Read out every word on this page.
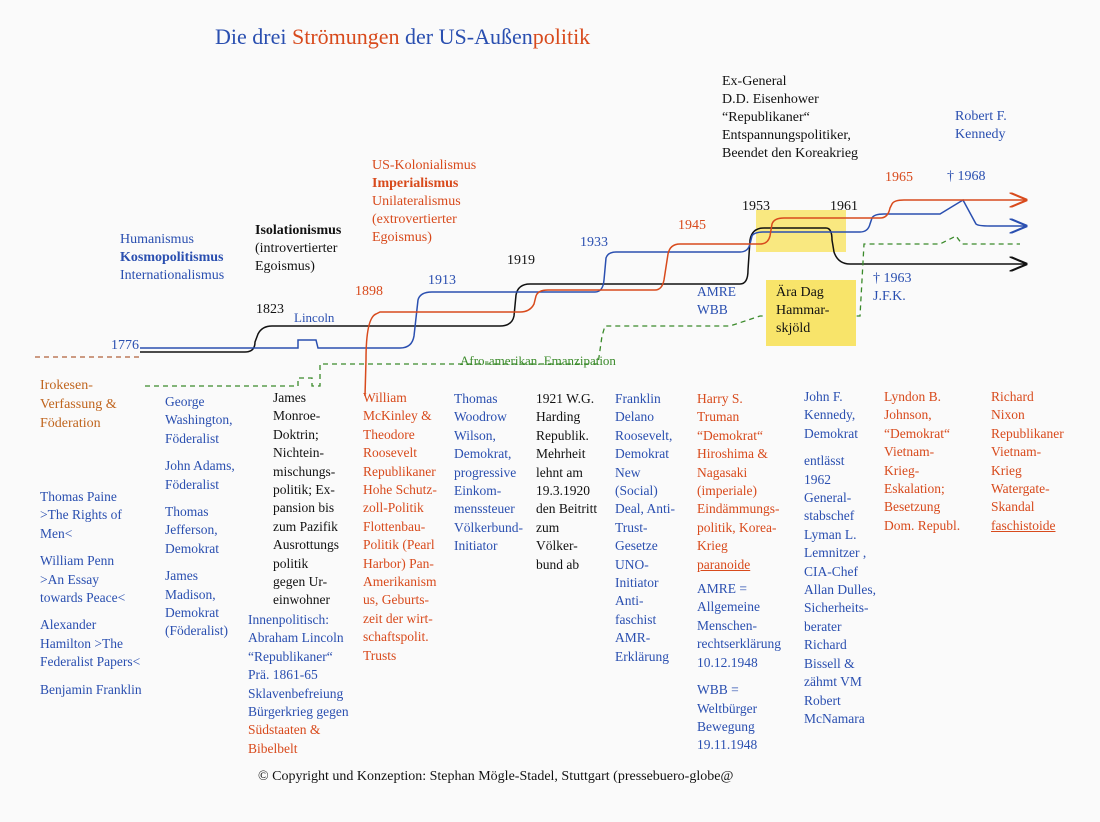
Die drei Strömungen der US-Außenpolitik
Humanismus
Kosmopolitismus
Internationalismus
Isolationismus
(introvertierter
Egoismus)
US-Kolonialismus
Imperialismus
Unilateralismus
(extrovertierter
Egoismus)
Ex-General
D.D. Eisenhower
“Republikaner“
Entspannungspolitiker,
Beendet den Koreakrieg
Robert F.
Kennedy
1776
1823
Lincoln
1898
1913
1919
1933
1945
1953	1961
1965 † 1968
† 1963
J.F.K.
AMRE
WBB
Ära Dag
Hammar-
skjöld
Afro-amerikan. Emanzipation
Irokesen-
Verfassung &
Föderation
Thomas Paine
>The Rights of
Men<
William Penn
>An Essay
towards Peace<
Alexander
Hamilton >The
Federalist Papers<
Benjamin Franklin
George
Washington,
Föderalist
John Adams,
Föderalist
Thomas
Jefferson,
Demokrat
James
Madison,
Demokrat
(Föderalist)
James
Monroe-
Doktrin;
Nichtein-
mischungs-
politik; Ex-
pansion bis
zum Pazifik
Ausrottungs
politik
gegen Ur-
einwohner
Innenpolitisch:
Abraham Lincoln
“Republikaner“
Prä. 1861-65
Sklavenbefreiung
Bürgerkrieg gegen
Südstaaten &
Bibelbelt
William
McKinley &
Theodore
Roosevelt
Republikaner
Hohe Schutz-
zoll-Politik
Flottenbau-
Politik (Pearl
Harbor) Pan-
Amerikanism
us, Geburts-
zeit der wirt-
schaftspolit.
Trusts
Thomas
Woodrow
Wilson,
Demokrat,
progressive
Einkom-
menssteuer
Völkerbund-
Initiator
1921 W.G.
Harding
Republik.
Mehrheit
lehnt am
19.3.1920
den Beitritt
zum
Völker-
bund ab
Franklin
Delano
Roosevelt,
Demokrat
New
(Social)
Deal, Anti-
Trust-
Gesetze
UNO-
Initiator
Anti-
faschist
AMR-
Erklärung
Harry S.
Truman
“Demokrat“
Hiroshima &
Nagasaki
(imperiale)
Eindämmungs-
politik, Korea-
Krieg
paranoide
AMRE =
Allgemeine
Menschen-
rechtserklärung
10.12.1948
WBB =
Weltbürger
Bewegung
19.11.1948
John F.
Kennedy,
Demokrat
entlässt
1962
General-
stabschef
Lyman L.
Lemnitzer ,
CIA-Chef
Allan Dulles,
Sicherheits-
berater
Richard
Bissell &
zähmt VM
Robert
McNamara
Lyndon B.
Johnson,
“Demokrat“
Vietnam-
Krieg-
Eskalation;
Besetzung
Dom. Republ.
Richard
Nixon
Republikaner
Vietnam-
Krieg
Watergate-
Skandal
faschistoide
© Copyright und Konzeption: Stephan Mögle-Stadel, Stuttgart (pressebuero-globe@
